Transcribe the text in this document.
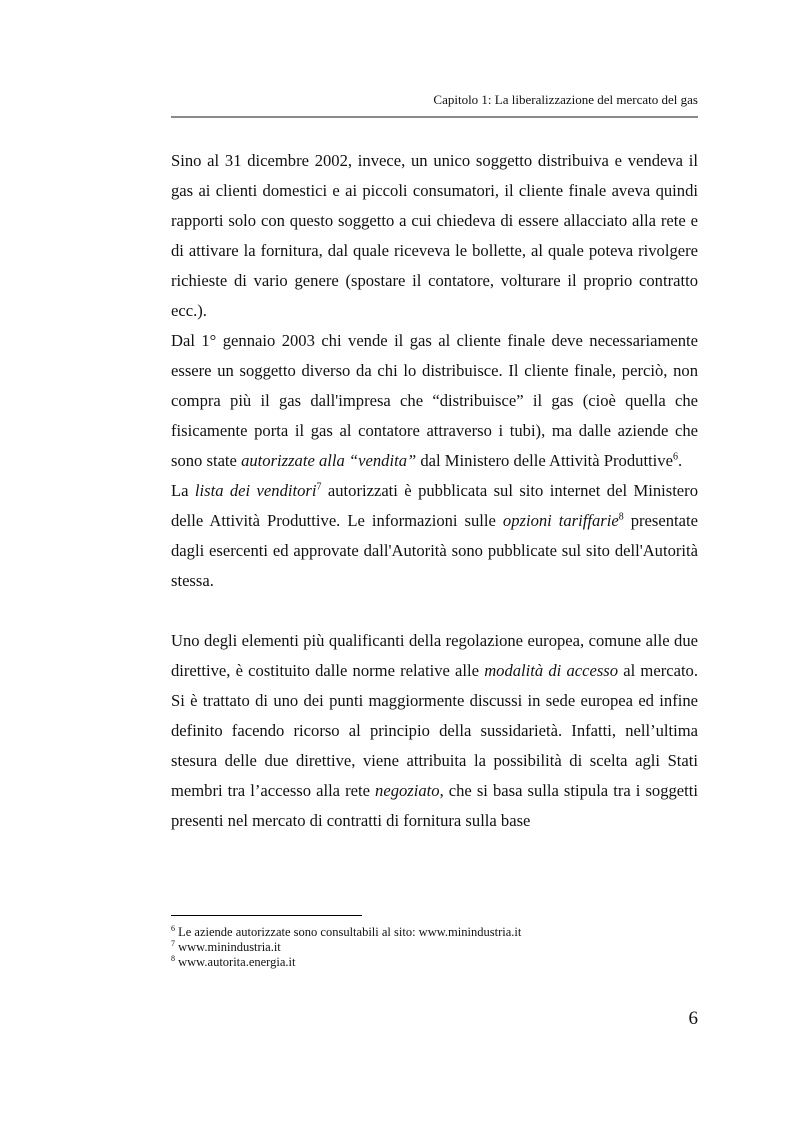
Capitolo 1: La liberalizzazione del mercato del gas

Sino al 31 dicembre 2002, invece, un unico soggetto distribuiva e vendeva il gas ai clienti domestici e ai piccoli consumatori, il cliente finale aveva quindi rapporti solo con questo soggetto a cui chiedeva di essere allacciato alla rete e di attivare la fornitura, dal quale riceveva le bollette, al quale poteva rivolgere richieste di vario genere (spostare il contatore, volturare il proprio contratto ecc.).

Dal 1° gennaio 2003 chi vende il gas al cliente finale deve necessariamente essere un soggetto diverso da chi lo distribuisce. Il cliente finale, perciò, non compra più il gas dall'impresa che “distribuisce” il gas (cioè quella che fisicamente porta il gas al contatore attraverso i tubi), ma dalle aziende che sono state autorizzate alla “vendita” dal Ministero delle Attività Produttive$^6$.

La lista dei venditori$^7$ autorizzati è pubblicata sul sito internet del Ministero delle Attività Produttive. Le informazioni sulle opzioni tariffarie$^8$ presentate dagli esercenti ed approvate dall'Autorità sono pubblicate sul sito dell'Autorità stessa.

Uno degli elementi più qualificanti della regolazione europea, comune alle due direttive, è costituito dalle norme relative alle modalità di accesso al mercato. Si è trattato di uno dei punti maggiormente discussi in sede europea ed infine definito facendo ricorso al principio della sussidarietà. Infatti, nell’ultima stesura delle due direttive, viene attribuita la possibilità di scelta agli Stati membri tra l’accesso alla rete negoziato, che si basa sulla stipula tra i soggetti presenti nel mercato di contratti di fornitura sulla base

$^6$ Le aziende autorizzate sono consultabili al sito: www.minindustria.it
$^7$ www.minindustria.it
$^8$ www.autorita.energia.it
6
